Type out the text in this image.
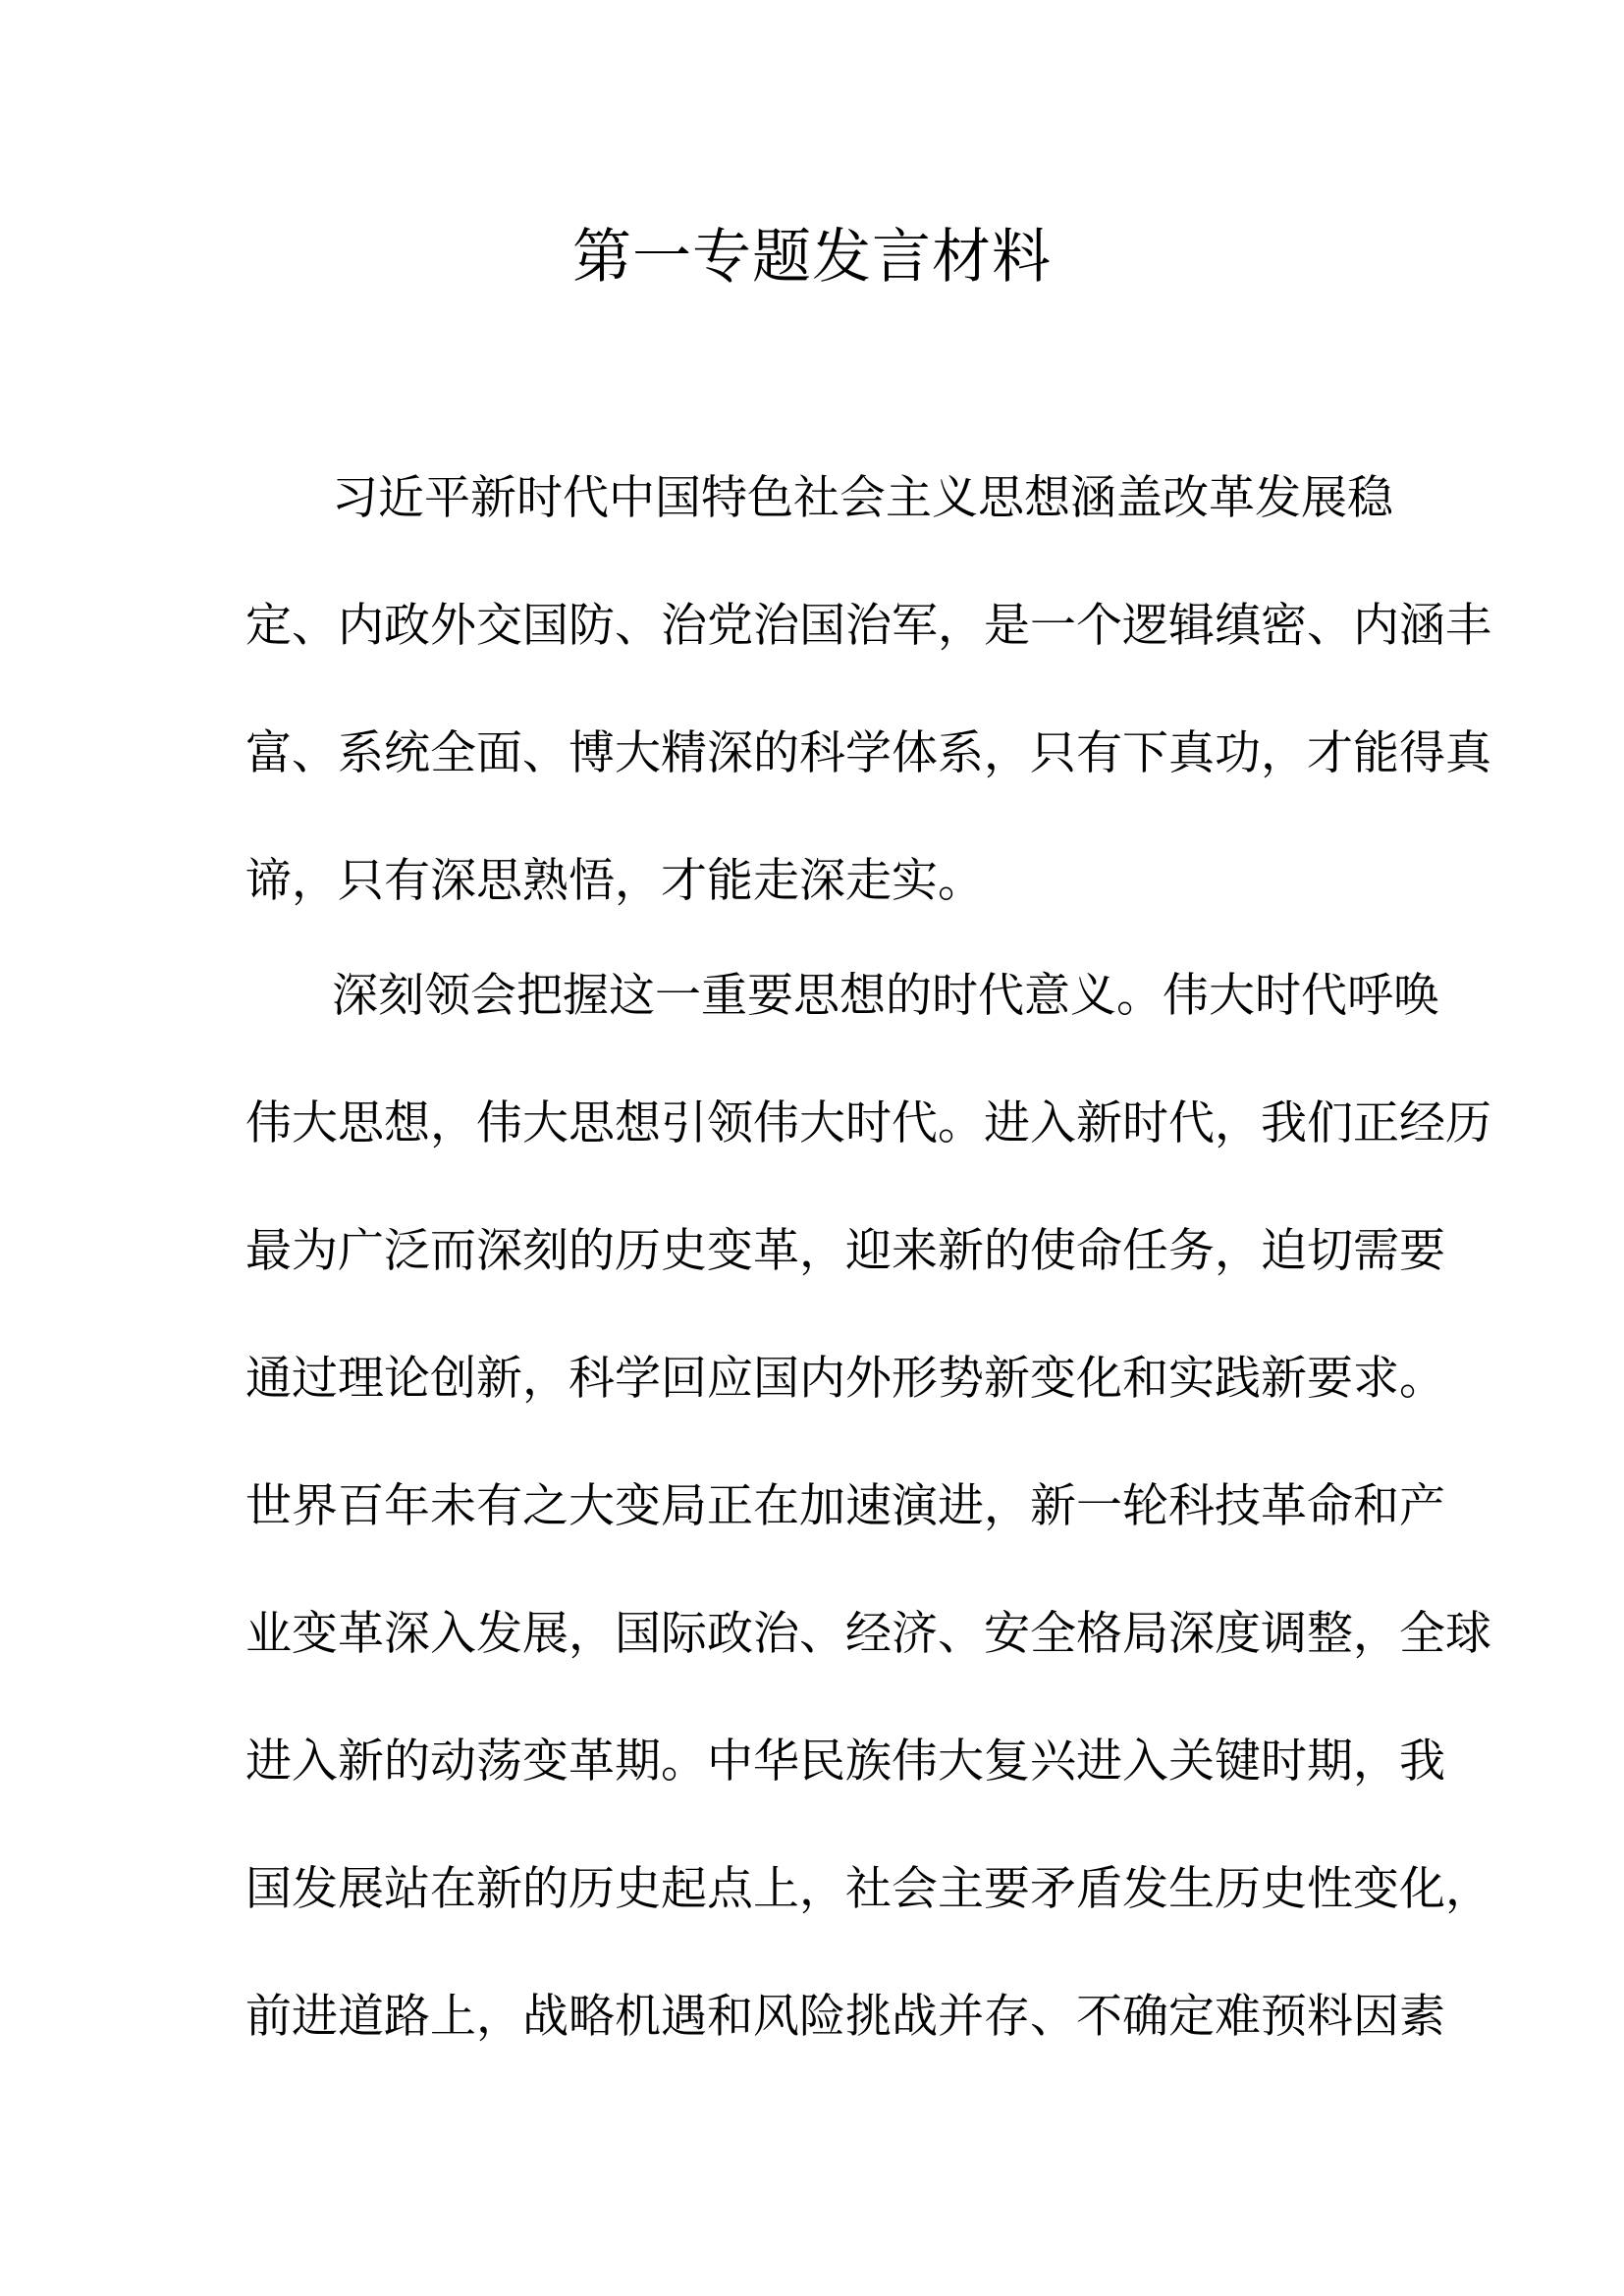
第一专题发言材料
习近平新时代中国特色社会主义思想涵盖改革发展稳
定、内政外交国防、治党治国治军，是一个逻辑缜密、内涵丰
富、系统全面、博大精深的科学体系，只有下真功，才能得真
谛，只有深思熟悟，才能走深走实。
深刻领会把握这一重要思想的时代意义。伟大时代呼唤
伟大思想，伟大思想引领伟大时代。进入新时代，我们正经历
最为广泛而深刻的历史变革，迎来新的使命任务，迫切需要
通过理论创新，科学回应国内外形势新变化和实践新要求。
世界百年未有之大变局正在加速演进，新一轮科技革命和产
业变革深入发展，国际政治、经济、安全格局深度调整，全球
进入新的动荡变革期。中华民族伟大复兴进入关键时期，我
国发展站在新的历史起点上，社会主要矛盾发生历史性变化，
前进道路上，战略机遇和风险挑战并存、不确定难预料因素
